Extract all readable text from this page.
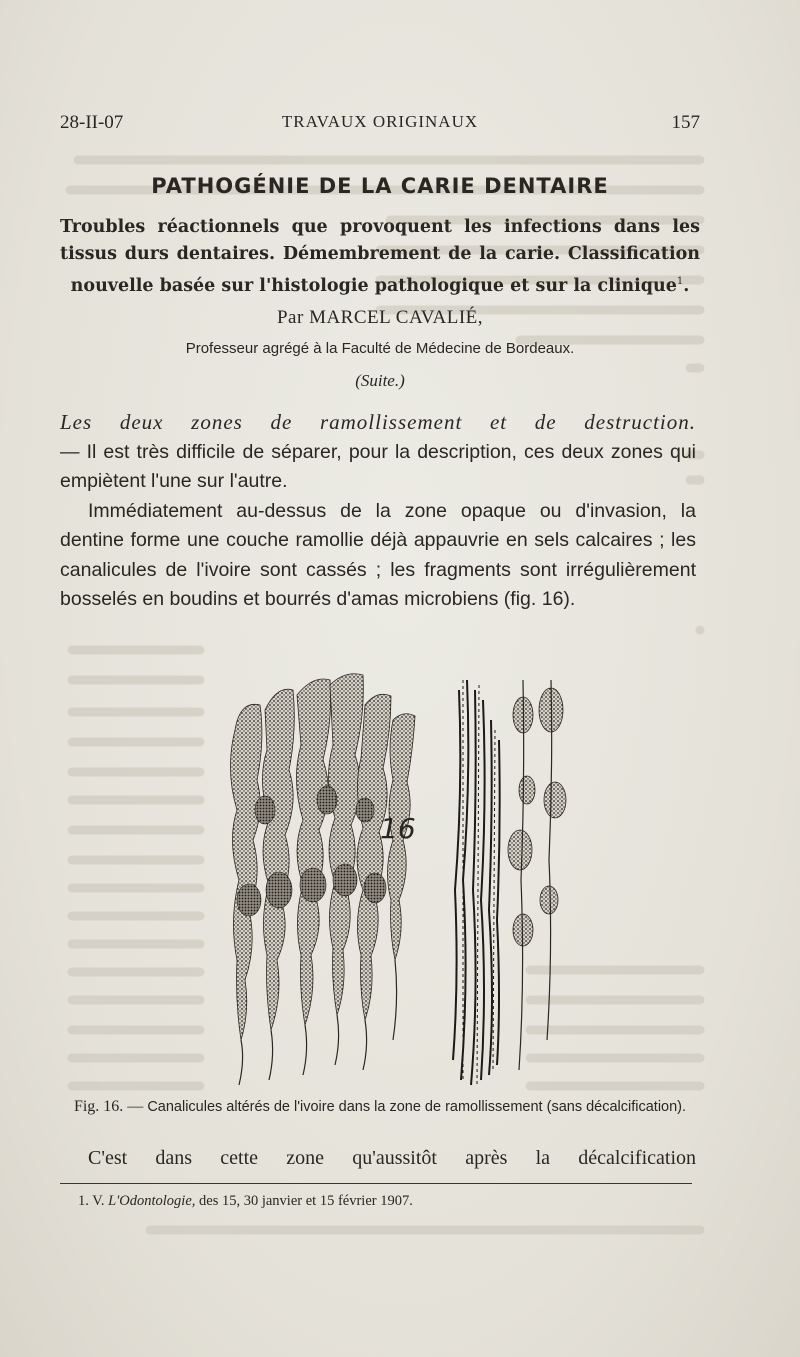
28-II-07	TRAVAUX ORIGINAUX	157
PATHOGÉNIE DE LA CARIE DENTAIRE
Troubles réactionnels que provoquent les infections dans les
tissus durs dentaires. Démembrement de la carie. Classification
nouvelle basée sur l'histologie pathologique et sur la clinique$^1$.
Par MARCEL CAVALIÉ,
Professeur agrégé à la Faculté de Médecine de Bordeaux.
(Suite.)
Les deux zones de ramollissement et de destruction.

— Il est très difficile de séparer, pour la description, ces deux zones qui empiètent l'une sur l'autre.

Immédiatement au-dessus de la zone opaque ou d'invasion, la dentine forme une couche ramollie déjà appauvrie en sels calcaires ; les canalicules de l'ivoire sont cassés ; les fragments sont irrégulièrement bosselés en boudins et bourrés d'amas microbiens (fig. 16).

16
Fig. 16. — Canalicules altérés de l'ivoire dans la zone de ramollissement (sans décalcification).
C'est dans cette zone qu'aussitôt après la décalcification
1. V. L'Odontologie, des 15, 30 janvier et 15 février 1907.
